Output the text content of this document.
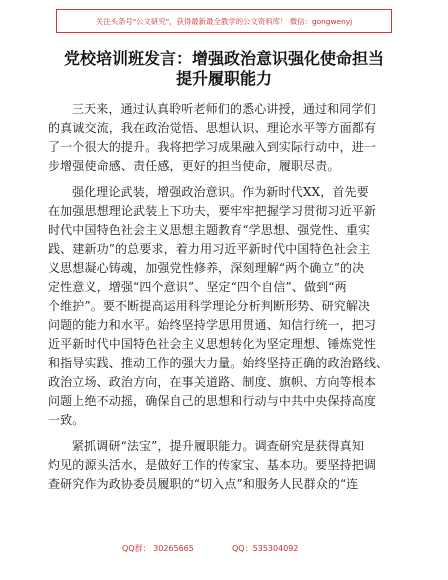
关注头条号"公文研究"，获得最新最全教学的公文资料库！ 微信：gongwenyj
党校培训班发言：增强政治意识强化使命担当
提升履职能力

三天来，通过认真聆听老师们的悉心讲授，通过和同学们
的真诚交流，我在政治觉悟、思想认识、理论水平等方面都有
了一个很大的提升。我将把学习成果融入到实际行动中，进一
步增强使命感、责任感，更好的担当使命，履职尽责。

强化理论武装，增强政治意识。作为新时代XX，首先要
在加强思想理论武装上下功夫，要牢牢把握学习贯彻习近平新
时代中国特色社会主义思想主题教育“学思想、强党性、重实
践、建新功”的总要求，着力用习近平新时代中国特色社会主
义思想凝心铸魂，加强党性修养，深刻理解“两个确立”的决
定性意义，增强“四个意识”、坚定“四个自信”、做到“两
个维护”。要不断提高运用科学理论分析判断形势、研究解决
问题的能力和水平。始终坚持学思用贯通、知信行统一，把习
近平新时代中国特色社会主义思想转化为坚定理想、锤炼党性
和指导实践、推动工作的强大力量。始终坚持正确的政治路线、
政治立场、政治方向，在事关道路、制度、旗帜、方向等根本
问题上绝不动摇，确保自己的思想和行动与中共中央保持高度
一致。

紧抓调研“法宝”，提升履职能力。调查研究是获得真知
灼见的源头活水，是做好工作的传家宝、基本功。要坚持把调
查研究作为政协委员履职的“切入点”和服务人民群众的“连

QQ群： 30265665	QQ：535304092
